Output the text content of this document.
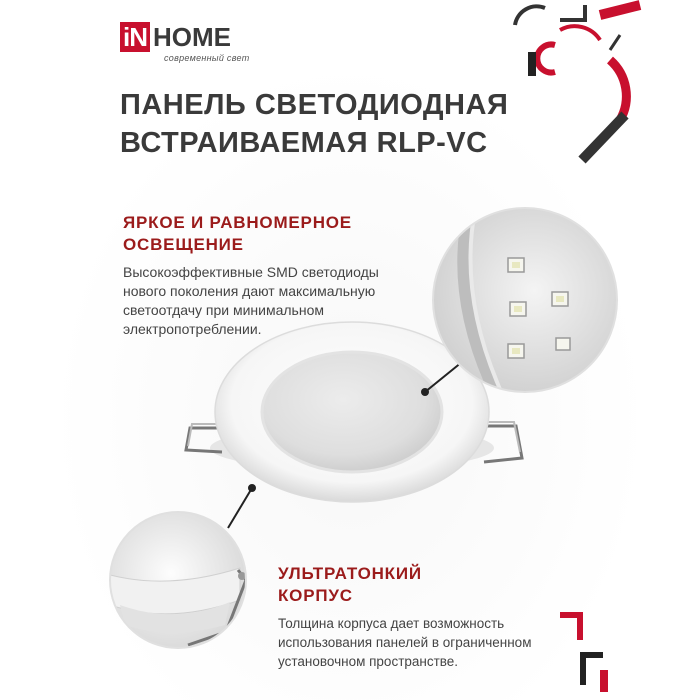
iN HOME
современный свет
ПАНЕЛЬ СВЕТОДИОДНАЯ
ВСТРАИВАЕМАЯ RLP-VC
ЯРКОЕ И РАВНОМЕРНОЕ
ОСВЕЩЕНИЕ
Высокоэффективные SMD светодиоды
нового поколения дают максимальную
светоотдачу при минимальном
электропотреблении.
УЛЬТРАТОНКИЙ
КОРПУС
Толщина корпуса дает возможность
использования панелей в ограниченном
установочном пространстве.
